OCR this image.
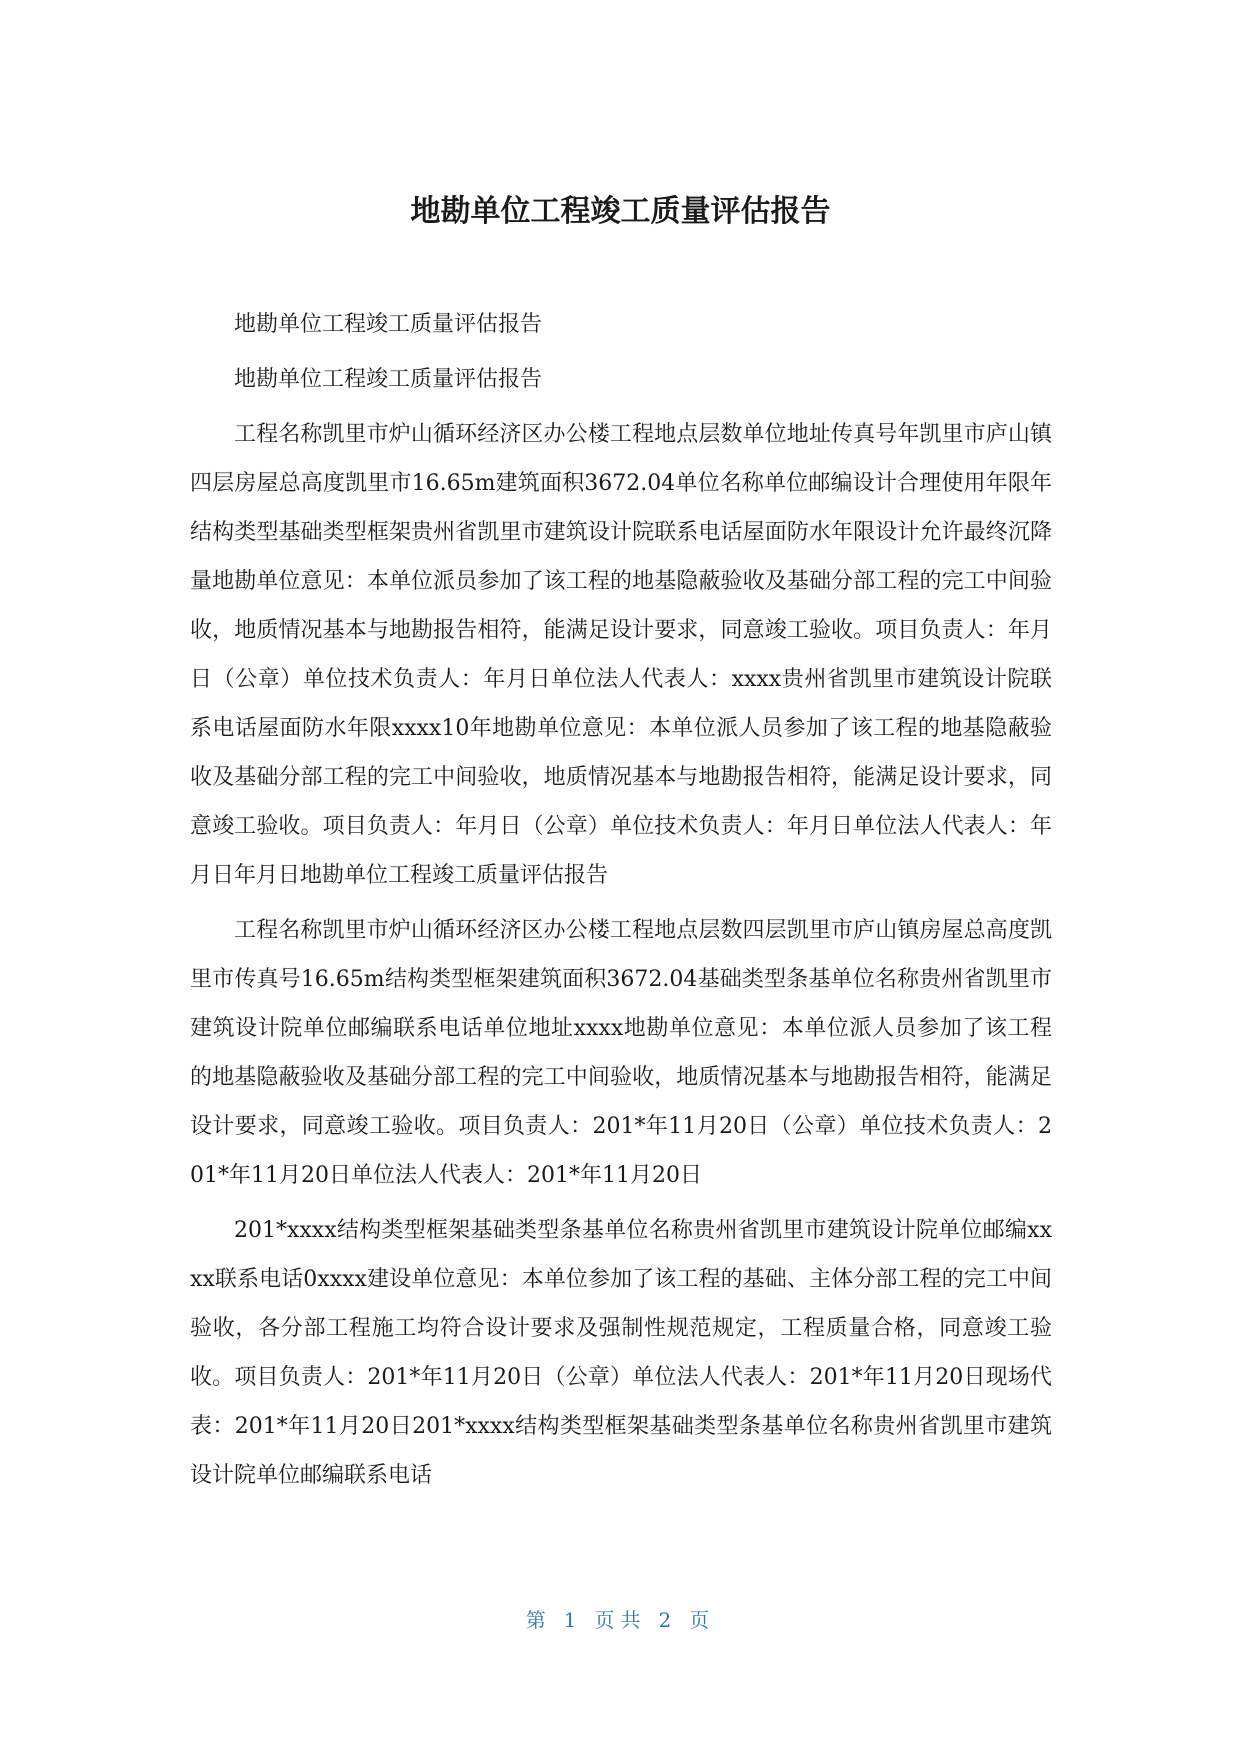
地勘单位工程竣工质量评估报告

地勘单位工程竣工质量评估报告

地勘单位工程竣工质量评估报告

工程名称凯里市炉山循环经济区办公楼工程地点层数单位地址传真号年凯里市庐山镇四层房屋总高度凯里市16.65m建筑面积3672.04单位名称单位邮编设计合理使用年限年结构类型基础类型框架贵州省凯里市建筑设计院联系电话屋面防水年限设计允许最终沉降量地勘单位意见：本单位派员参加了该工程的地基隐蔽验收及基础分部工程的完工中间验收，地质情况基本与地勘报告相符，能满足设计要求，同意竣工验收。项目负责人：年月日（公章）单位技术负责人：年月日单位法人代表人：xxxx贵州省凯里市建筑设计院联系电话屋面防水年限xxxx10年地勘单位意见：本单位派人员参加了该工程的地基隐蔽验收及基础分部工程的完工中间验收，地质情况基本与地勘报告相符，能满足设计要求，同意竣工验收。项目负责人：年月日（公章）单位技术负责人：年月日单位法人代表人：年月日年月日地勘单位工程竣工质量评估报告

工程名称凯里市炉山循环经济区办公楼工程地点层数四层凯里市庐山镇房屋总高度凯里市传真号16.65m结构类型框架建筑面积3672.04基础类型条基单位名称贵州省凯里市建筑设计院单位邮编联系电话单位地址xxxx地勘单位意见：本单位派人员参加了该工程的地基隐蔽验收及基础分部工程的完工中间验收，地质情况基本与地勘报告相符，能满足设计要求，同意竣工验收。项目负责人：201*年11月20日（公章）单位技术负责人：201*年11月20日单位法人代表人：201*年11月20日

201*xxxx结构类型框架基础类型条基单位名称贵州省凯里市建筑设计院单位邮编xxxx联系电话0xxxx建设单位意见：本单位参加了该工程的基础、主体分部工程的完工中间验收，各分部工程施工均符合设计要求及强制性规范规定，工程质量合格，同意竣工验收。项目负责人：201*年11月20日（公章）单位法人代表人：201*年11月20日现场代表：201*年11月20日201*xxxx结构类型框架基础类型条基单位名称贵州省凯里市建筑设计院单位邮编联系电话

第 1 页共 2 页
